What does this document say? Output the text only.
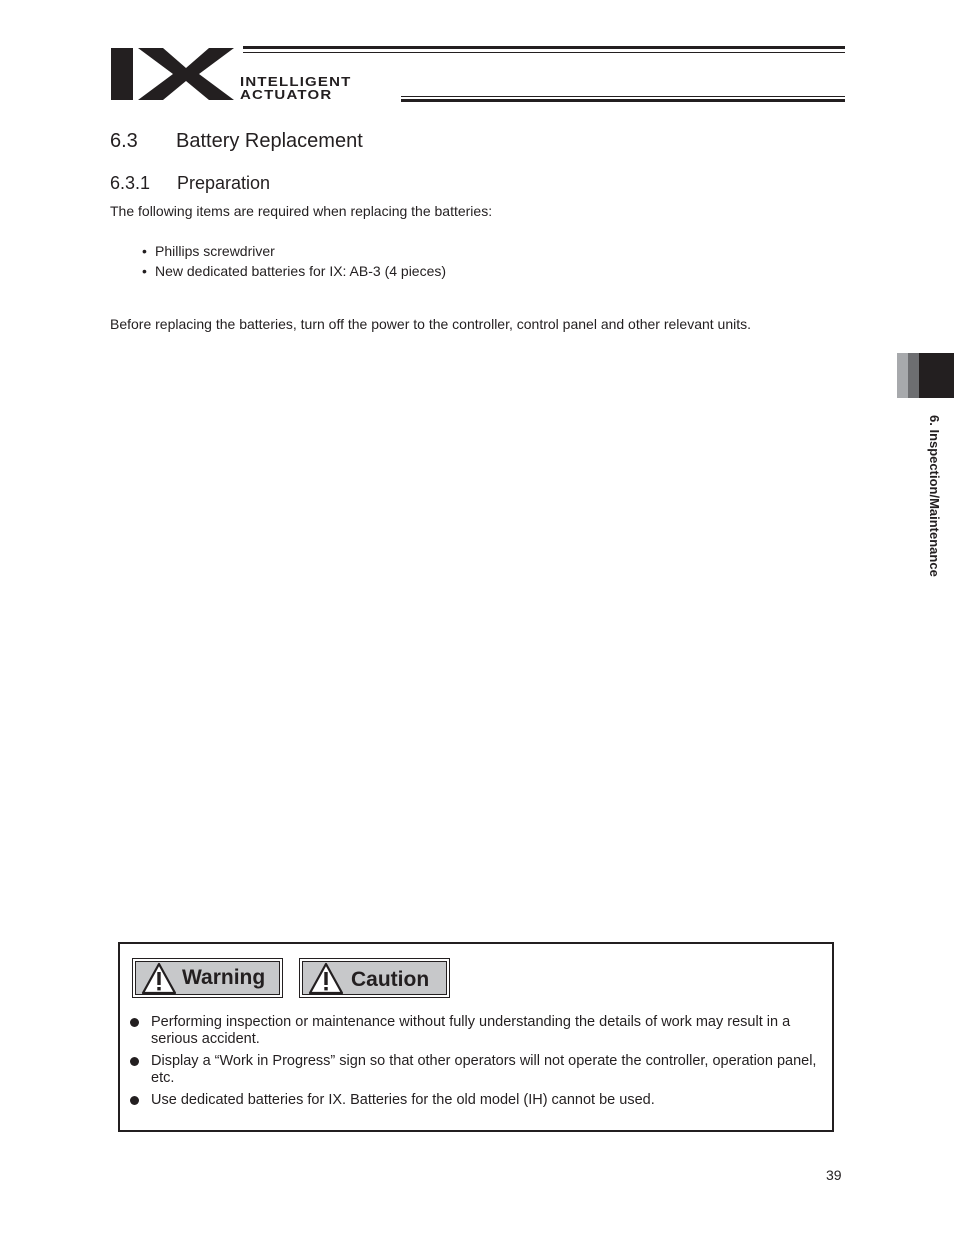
INTELLIGENT
ACTUATOR
6.3 Battery Replacement
6.3.1 Preparation
The following items are required when replacing the batteries:
• Phillips screwdriver
• New dedicated batteries for IX: AB-3 (4 pieces)
Before replacing the batteries, turn off the power to the controller, control panel and other relevant units.
6. Inspection/Maintenance
Warning	Caution
Performing inspection or maintenance without fully understanding the details of work may result in a serious accident.
Display a “Work in Progress” sign so that other operators will not operate the controller, operation panel, etc.
Use dedicated batteries for IX. Batteries for the old model (IH) cannot be used.
39
